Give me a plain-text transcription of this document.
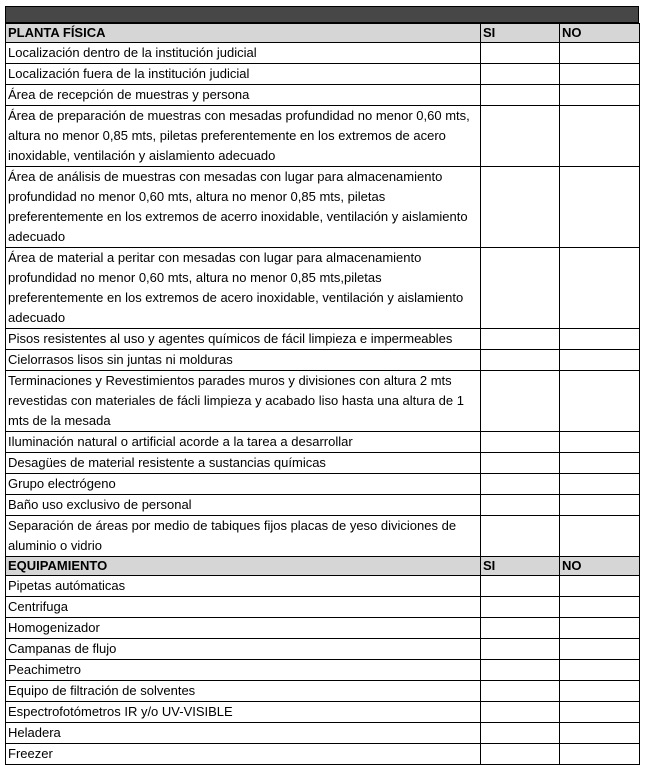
PLANTA FÍSICA	SI	NO
Localización dentro de la institución judicial		
Localización fuera de la institución judicial		
Área de recepción de muestras y persona		
Área de preparación de muestras con mesadas profundidad no menor 0,60 mts, altura no menor 0,85 mts, piletas preferentemente en los extremos de acero inoxidable, ventilación y aislamiento adecuado		
Área de análisis de muestras con mesadas con lugar para almacenamiento profundidad no menor 0,60 mts, altura no menor 0,85 mts, piletas preferentemente en los extremos de acerro inoxidable, ventilación y aislamiento adecuado		
Área de material a peritar con mesadas con lugar para almacenamiento profundidad no menor 0,60 mts, altura no menor 0,85 mts,piletas preferentemente en los extremos de acero inoxidable, ventilación y aislamiento adecuado		
Pisos resistentes al uso y agentes químicos de fácil limpieza e impermeables		
Cielorrasos lisos sin juntas ni molduras		
Terminaciones y Revestimientos parades muros y divisiones con altura 2 mts revestidas con materiales de fácli limpieza y acabado liso hasta una altura de 1 mts de la mesada		
Iluminación natural o artificial acorde a la tarea a desarrollar		
Desagües de material resistente a sustancias químicas		
Grupo electrógeno		
Baño uso exclusivo de personal		
Separación de áreas por medio de tabiques fijos placas de yeso diviciones de aluminio o vidrio		
EQUIPAMIENTO	SI	NO
Pipetas autómaticas		
Centrifuga		
Homogenizador		
Campanas de flujo		
Peachimetro		
Equipo de filtración de solventes		
Espectrofotómetros IR y/o UV-VISIBLE		
Heladera		
Freezer		
